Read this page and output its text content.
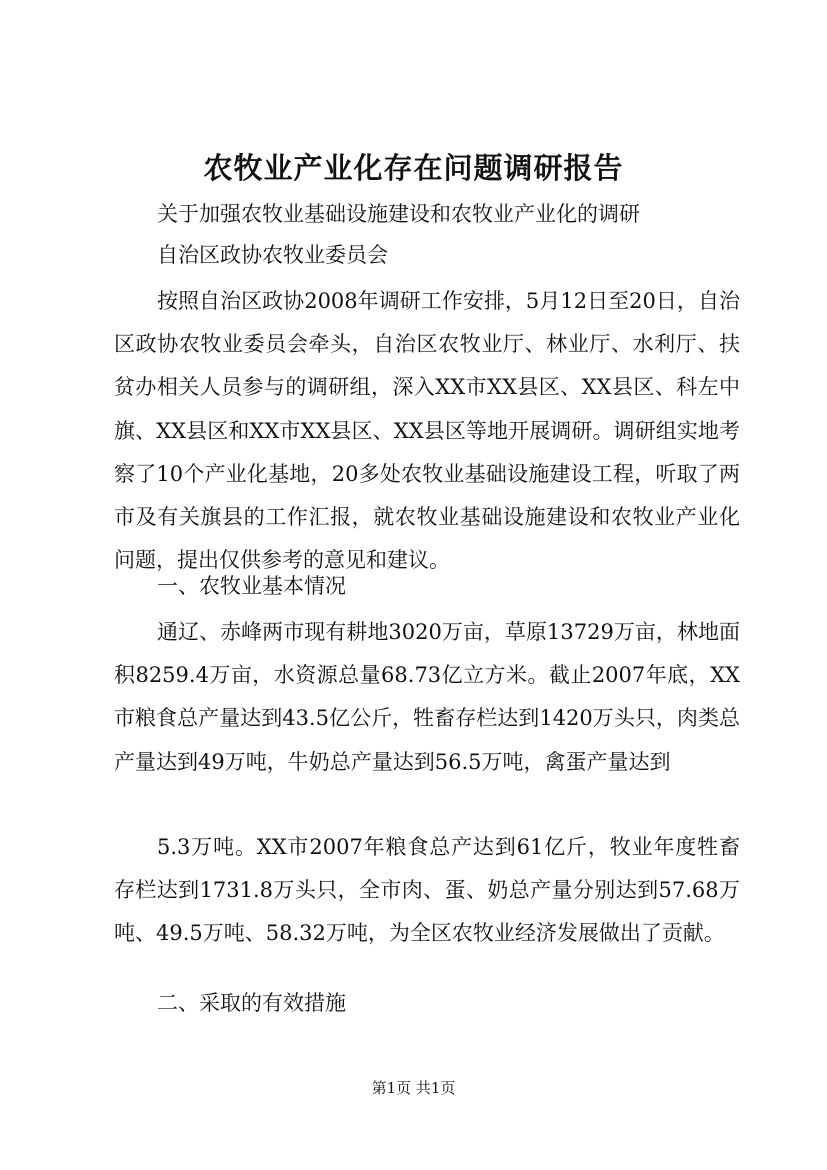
农牧业产业化存在问题调研报告
关于加强农牧业基础设施建设和农牧业产业化的调研
自治区政协农牧业委员会
按照自治区政协2008年调研工作安排，5月12日至20日，自治区政协农牧业委员会牵头，自治区农牧业厅、林业厅、水利厅、扶贫办相关人员参与的调研组，深入XX市XX县区、XX县区、科左中旗、XX县区和XX市XX县区、XX县区等地开展调研。调研组实地考察了10个产业化基地，20多处农牧业基础设施建设工程，听取了两市及有关旗县的工作汇报，就农牧业基础设施建设和农牧业产业化问题，提出仅供参考的意见和建议。
一、农牧业基本情况
通辽、赤峰两市现有耕地3020万亩，草原13729万亩，林地面积8259.4万亩，水资源总量68.73亿立方米。截止2007年底，XX市粮食总产量达到43.5亿公斤，牲畜存栏达到1420万头只，肉类总产量达到49万吨，牛奶总产量达到56.5万吨，禽蛋产量达到
5.3万吨。XX市2007年粮食总产达到61亿斤，牧业年度牲畜存栏达到1731.8万头只，全市肉、蛋、奶总产量分别达到57.68万吨、49.5万吨、58.32万吨，为全区农牧业经济发展做出了贡献。
二、采取的有效措施
第1页 共1页
